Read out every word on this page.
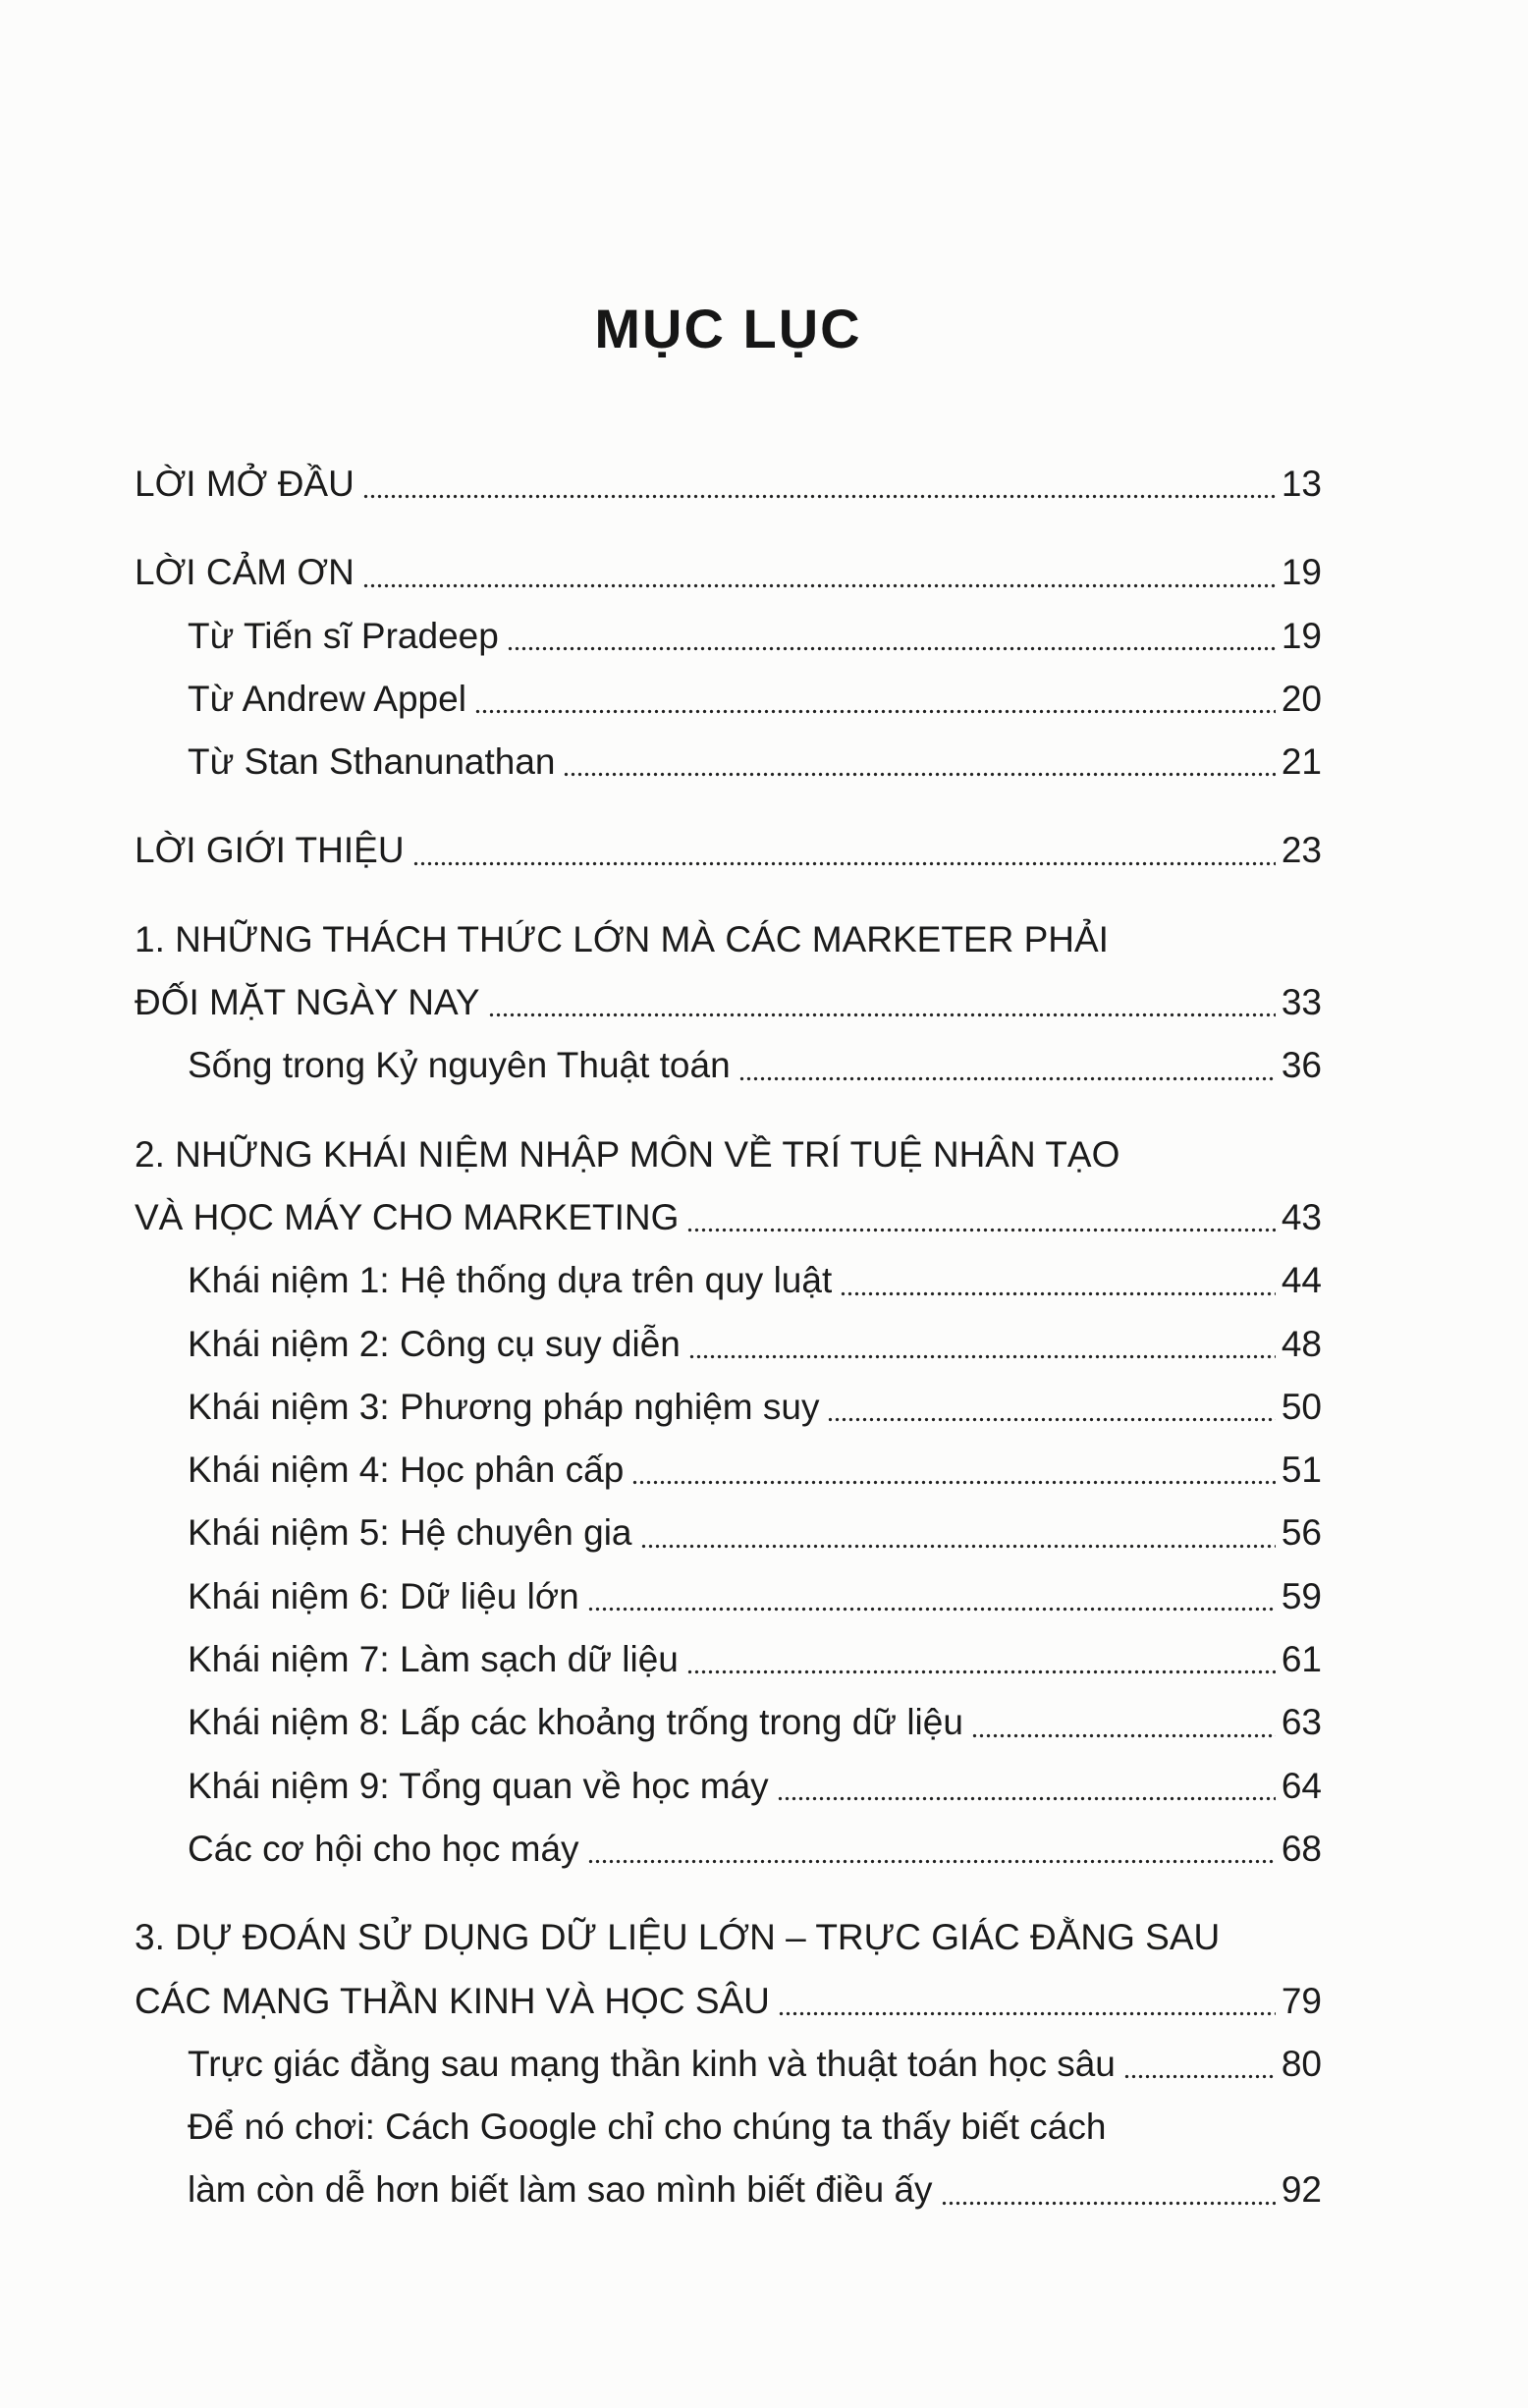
MỤC LỤC
LỜI MỞ ĐẦU	13
LỜI CẢM ƠN	19
Từ Tiến sĩ Pradeep	19
Từ Andrew Appel	20
Từ Stan Sthanunathan	21
LỜI GIỚI THIỆU	23
1. NHỮNG THÁCH THỨC LỚN MÀ CÁC MARKETER PHẢI
ĐỐI MẶT NGÀY NAY	33
Sống trong Kỷ nguyên Thuật toán	36
2. NHỮNG KHÁI NIỆM NHẬP MÔN VỀ TRÍ TUỆ NHÂN TẠO
VÀ HỌC MÁY CHO MARKETING	43
Khái niệm 1: Hệ thống dựa trên quy luật	44
Khái niệm 2: Công cụ suy diễn	48
Khái niệm 3: Phương pháp nghiệm suy	50
Khái niệm 4: Học phân cấp	51
Khái niệm 5: Hệ chuyên gia	56
Khái niệm 6: Dữ liệu lớn	59
Khái niệm 7: Làm sạch dữ liệu	61
Khái niệm 8: Lấp các khoảng trống trong dữ liệu	63
Khái niệm 9: Tổng quan về học máy	64
Các cơ hội cho học máy	68
3. DỰ ĐOÁN SỬ DỤNG DỮ LIỆU LỚN – TRỰC GIÁC ĐẰNG SAU
CÁC MẠNG THẦN KINH VÀ HỌC SÂU	79
Trực giác đằng sau mạng thần kinh và thuật toán học sâu	80
Để nó chơi: Cách Google chỉ cho chúng ta thấy biết cách
làm còn dễ hơn biết làm sao mình biết điều ấy	92
